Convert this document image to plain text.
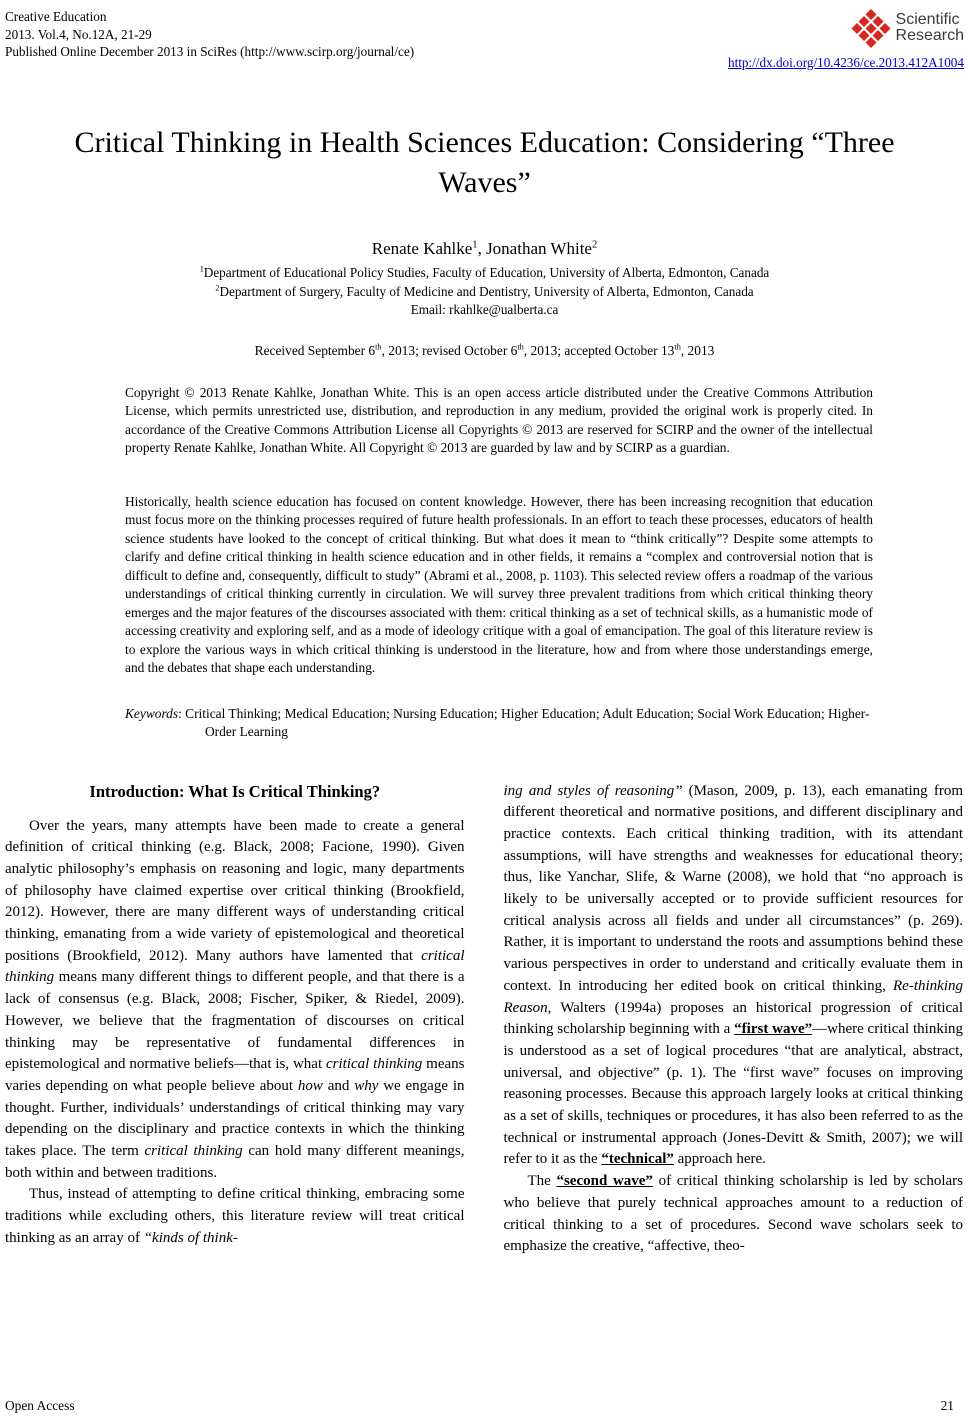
Creative Education
2013. Vol.4, No.12A, 21-29
Published Online December 2013 in SciRes (http://www.scirp.org/journal/ce)
Scientific
Research
http://dx.doi.org/10.4236/ce.2013.412A1004
Critical Thinking in Health Sciences Education: Considering “Three Waves”
Renate Kahlke$^1$, Jonathan White$^2$
$^1$Department of Educational Policy Studies, Faculty of Education, University of Alberta, Edmonton, Canada
$^2$Department of Surgery, Faculty of Medicine and Dentistry, University of Alberta, Edmonton, Canada
Email: rkahlke@ualberta.ca
Received September 6th, 2013; revised October 6th, 2013; accepted October 13th, 2013
Copyright © 2013 Renate Kahlke, Jonathan White. This is an open access article distributed under the Creative Commons Attribution License, which permits unrestricted use, distribution, and reproduction in any medium, provided the original work is properly cited. In accordance of the Creative Commons Attribution License all Copyrights © 2013 are reserved for SCIRP and the owner of the intellectual property Renate Kahlke, Jonathan White. All Copyright © 2013 are guarded by law and by SCIRP as a guardian.
Historically, health science education has focused on content knowledge. However, there has been increasing recognition that education must focus more on the thinking processes required of future health professionals. In an effort to teach these processes, educators of health science students have looked to the concept of critical thinking. But what does it mean to “think critically”? Despite some attempts to clarify and define critical thinking in health science education and in other fields, it remains a “complex and controversial notion that is difficult to define and, consequently, difficult to study” (Abrami et al., 2008, p. 1103). This selected review offers a roadmap of the various understandings of critical thinking currently in circulation. We will survey three prevalent traditions from which critical thinking theory emerges and the major features of the discourses associated with them: critical thinking as a set of technical skills, as a humanistic mode of accessing creativity and exploring self, and as a mode of ideology critique with a goal of emancipation. The goal of this literature review is to explore the various ways in which critical thinking is understood in the literature, how and from where those understandings emerge, and the debates that shape each understanding.
Keywords: Critical Thinking; Medical Education; Nursing Education; Higher Education; Adult Education; Social Work Education; Higher-Order Learning
Introduction: What Is Critical Thinking?

Over the years, many attempts have been made to create a general definition of critical thinking (e.g. Black, 2008; Facione, 1990). Given analytic philosophy’s emphasis on reasoning and logic, many departments of philosophy have claimed expertise over critical thinking (Brookfield, 2012). However, there are many different ways of understanding critical thinking, emanating from a wide variety of epistemological and theoretical positions (Brookfield, 2012). Many authors have lamented that critical thinking means many different things to different people, and that there is a lack of consensus (e.g. Black, 2008; Fischer, Spiker, & Riedel, 2009). However, we believe that the fragmentation of discourses on critical thinking may be representative of fundamental differences in epistemological and normative beliefs—that is, what critical thinking means varies depending on what people believe about how and why we engage in thought. Further, individuals’ understandings of critical thinking may vary depending on the disciplinary and practice contexts in which the thinking takes place. The term critical thinking can hold many different meanings, both within and between traditions.

Thus, instead of attempting to define critical thinking, embracing some traditions while excluding others, this literature review will treat critical thinking as an array of “kinds of think-

ing and styles of reasoning” (Mason, 2009, p. 13), each emanating from different theoretical and normative positions, and different disciplinary and practice contexts. Each critical thinking tradition, with its attendant assumptions, will have strengths and weaknesses for educational theory; thus, like Yanchar, Slife, & Warne (2008), we hold that “no approach is likely to be universally accepted or to provide sufficient resources for critical analysis across all fields and under all circumstances” (p. 269). Rather, it is important to understand the roots and assumptions behind these various perspectives in order to understand and critically evaluate them in context. In introducing her edited book on critical thinking, Re-thinking Reason, Walters (1994a) proposes an historical progression of critical thinking scholarship beginning with a “first wave”—where critical thinking is understood as a set of logical procedures “that are analytical, abstract, universal, and objective” (p. 1). The “first wave” focuses on improving reasoning processes. Because this approach largely looks at critical thinking as a set of skills, techniques or procedures, it has also been referred to as the technical or instrumental approach (Jones-Devitt & Smith, 2007); we will refer to it as the “technical” approach here.

The “second wave” of critical thinking scholarship is led by scholars who believe that purely technical approaches amount to a reduction of critical thinking to a set of procedures. Second wave scholars seek to emphasize the creative, “affective, theo-

Open Access	21
